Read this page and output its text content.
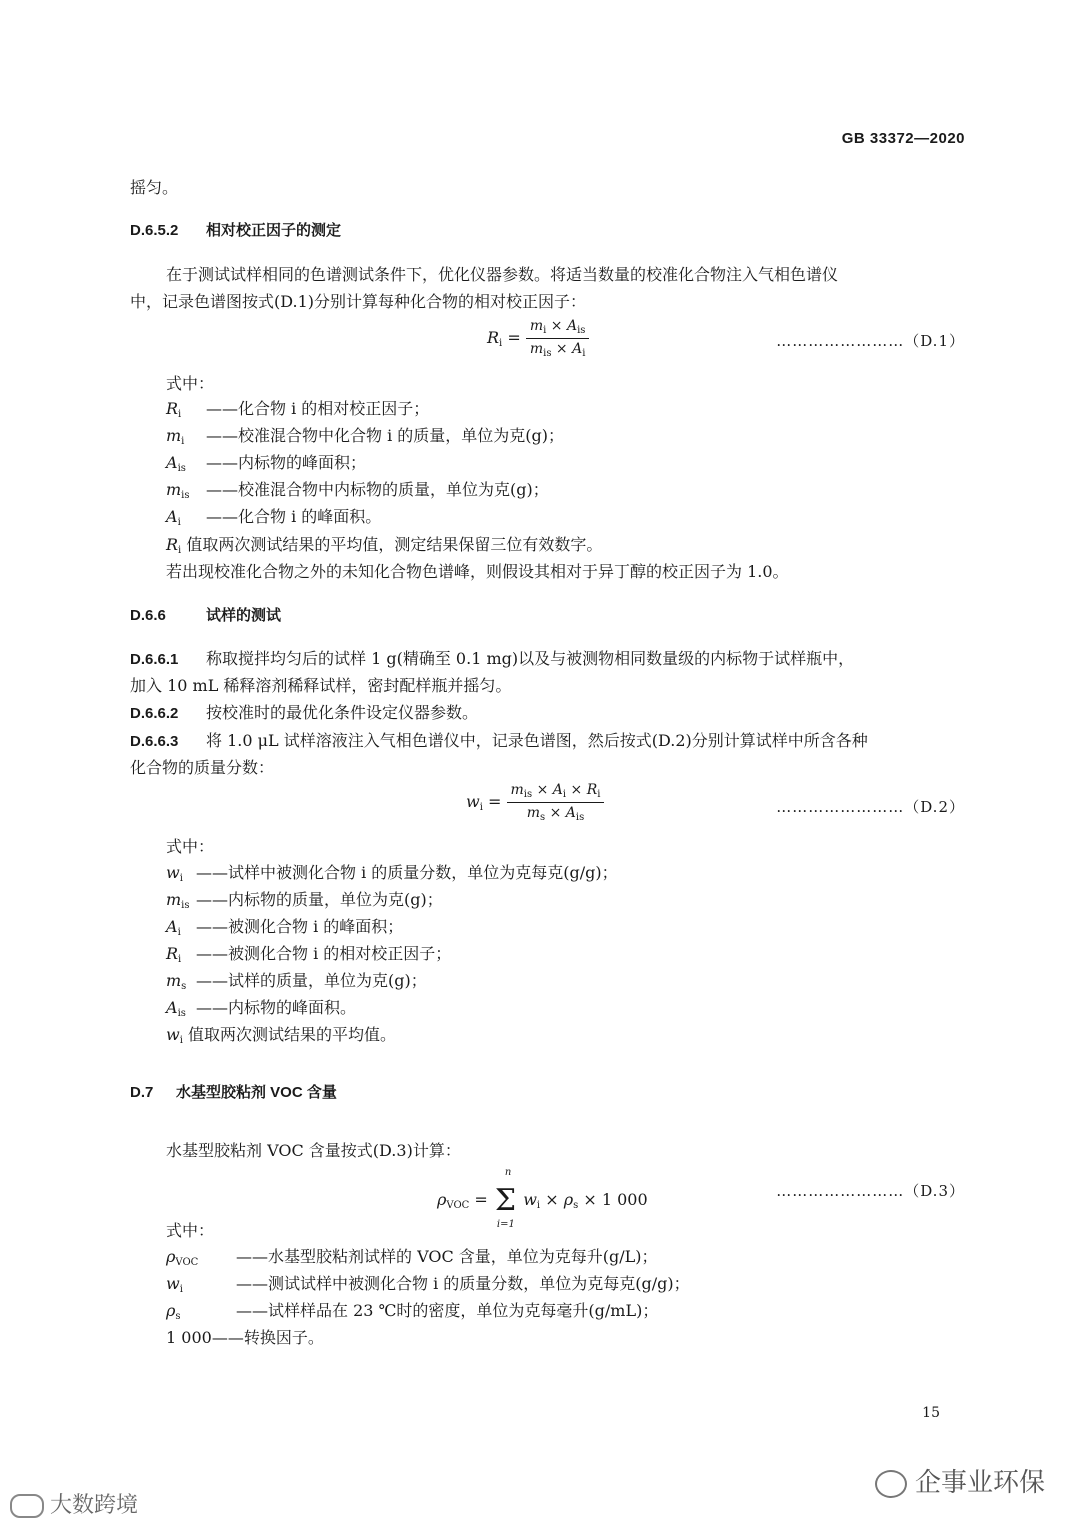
GB 33372—2020
摇匀。
D.6.5.2 相对校正因子的测定
在于测试试样相同的色谱测试条件下，优化仪器参数。将适当数量的校准化合物注入气相色谱仪
中，记录色谱图按式(D.1)分别计算每种化合物的相对校正因子：
$Ri = \frac{m_i \times A_{is}}{m_{is} \times A_i}$	……………………（D.1）
式中：
Ri ——化合物 i 的相对校正因子；
mi ——校准混合物中化合物 i 的质量，单位为克(g)；
Ais ——内标物的峰面积；
mis ——校准混合物中内标物的质量，单位为克(g)；
Ai ——化合物 i 的峰面积。
Ri 值取两次测试结果的平均值，测定结果保留三位有效数字。
若出现校准化合物之外的未知化合物色谱峰，则假设其相对于异丁醇的校正因子为 1.0。
D.6.6	试样的测试
D.6.6.1 称取搅拌均匀后的试样 1 g(精确至 0.1 mg)以及与被测物相同数量级的内标物于试样瓶中，
加入 10 mL 稀释溶剂稀释试样，密封配样瓶并摇匀。
D.6.6.2 按校准时的最优化条件设定仪器参数。
D.6.6.3 将 1.0 μL 试样溶液注入气相色谱仪中，记录色谱图，然后按式(D.2)分别计算试样中所含各种
化合物的质量分数：
wi = $\frac{m_{is} \times A_i \times R_i}{m_s \times A_{is}}$	……………………（D.2）
式中：
wi ——试样中被测化合物 i 的质量分数，单位为克每克(g/g)；
mis ——内标物的质量，单位为克(g)；
Ai ——被测化合物 i 的峰面积；
Ri ——被测化合物 i 的相对校正因子；
ms ——试样的质量，单位为克(g)；
Ais ——内标物的峰面积。
wi 值取两次测试结果的平均值。
D.7 水基型胶粘剂 VOC 含量
水基型胶粘剂 VOC 含量按式(D.3)计算：
ρVOC = Σ
n
i=1
wi × ρs × 1 000	……………………（D.3）
式中：
ρVOC ——水基型胶粘剂试样的 VOC 含量，单位为克每升(g/L)；
wi	——测试试样中被测化合物 i 的质量分数，单位为克每克(g/g)；
ρs	——试样样品在 23 ℃时的密度，单位为克每毫升(g/mL)；
1 000——转换因子。
15
企事业环保
大数跨境
